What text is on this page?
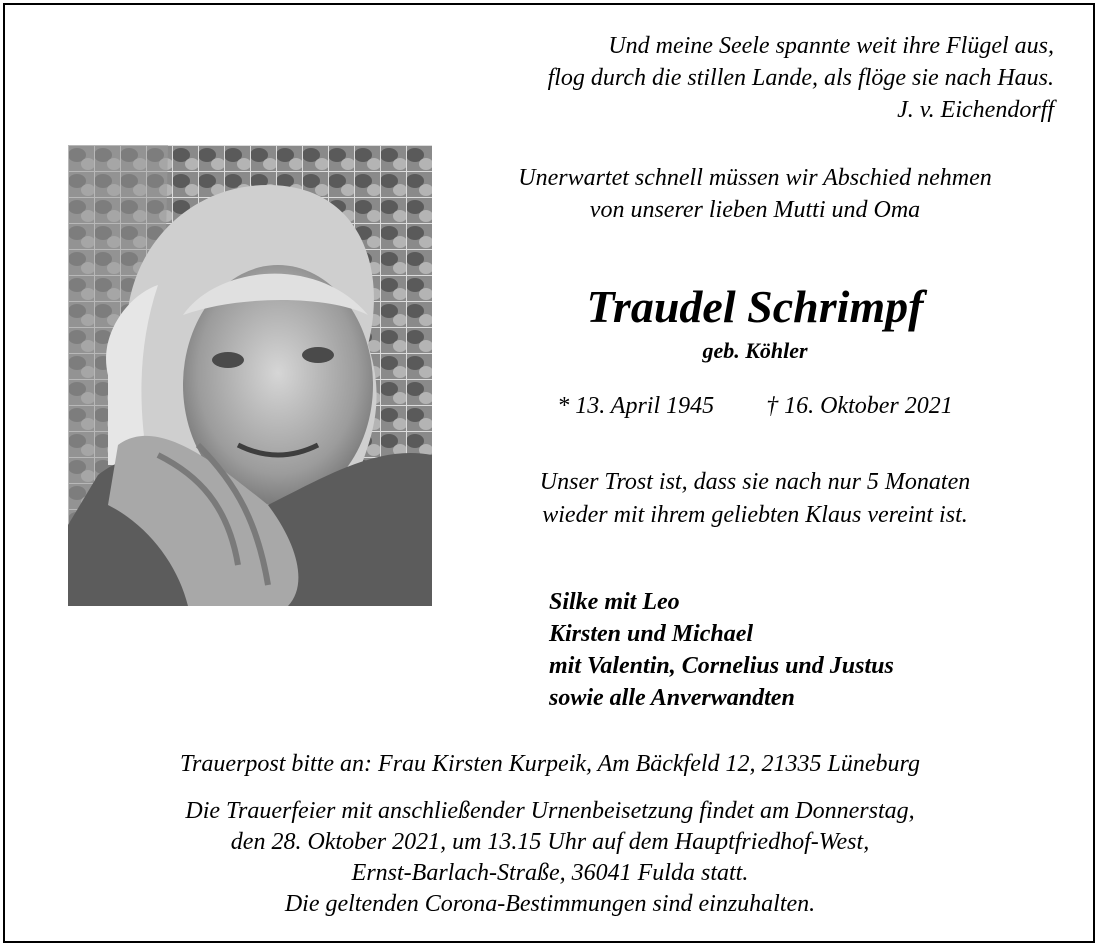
Und meine Seele spannte weit ihre Flügel aus,
flog durch die stillen Lande, als flöge sie nach Haus.
J. v. Eichendorff
Unerwartet schnell müssen wir Abschied nehmen
von unserer lieben Mutti und Oma
Traudel Schrimpf
geb. Köhler
* 13. April 1945 † 16. Oktober 2021
Unser Trost ist, dass sie nach nur 5 Monaten
wieder mit ihrem geliebten Klaus vereint ist.
Silke mit Leo
Kirsten und Michael
mit Valentin, Cornelius und Justus
sowie alle Anverwandten
Trauerpost bitte an: Frau Kirsten Kurpeik, Am Bäckfeld 12, 21335 Lüneburg
Die Trauerfeier mit anschließender Urnenbeisetzung findet am Donnerstag,
den 28. Oktober 2021, um 13.15 Uhr auf dem Hauptfriedhof-West,
Ernst-Barlach-Straße, 36041 Fulda statt.
Die geltenden Corona-Bestimmungen sind einzuhalten.
